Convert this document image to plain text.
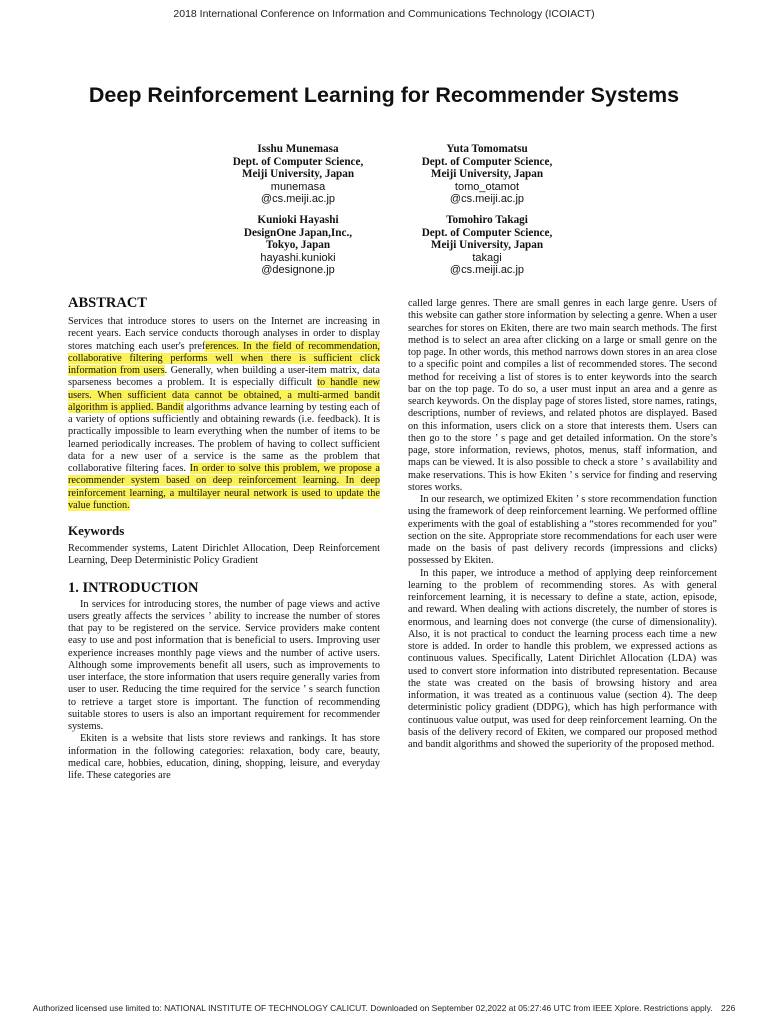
2018 International Conference on Information and Communications Technology (ICOIACT)
Deep Reinforcement Learning for Recommender Systems
Isshu Munemasa
Dept. of Computer Science,
Meiji University, Japan
munemasa
@cs.meiji.ac.jp
Yuta Tomomatsu
Dept. of Computer Science,
Meiji University, Japan
tomo_otamot
@cs.meiji.ac.jp
Kunioki Hayashi
DesignOne Japan,Inc.,
Tokyo, Japan
hayashi.kunioki
@designone.jp
Tomohiro Takagi
Dept. of Computer Science,
Meiji University, Japan
takagi
@cs.meiji.ac.jp
ABSTRACT

Services that introduce stores to users on the Internet are increasing in recent years. Each service conducts thorough analyses in order to display stores matching each user's preferences. In the field of recommendation, collaborative filtering performs well when there is sufficient click information from users. Generally, when building a user-item matrix, data sparseness becomes a problem. It is especially difficult to handle new users. When sufficient data cannot be obtained, a multi-armed bandit algorithm is applied. Bandit algorithms advance learning by testing each of a variety of options sufficiently and obtaining rewards (i.e. feedback). It is practically impossible to learn everything when the number of items to be learned periodically increases. The problem of having to collect sufficient data for a new user of a service is the same as the problem that collaborative filtering faces. In order to solve this problem, we propose a recommender system based on deep reinforcement learning. In deep reinforcement learning, a multilayer neural network is used to update the value function.

Keywords

Recommender systems, Latent Dirichlet Allocation, Deep Reinforcement Learning, Deep Deterministic Policy Gradient

1. INTRODUCTION

In services for introducing stores, the number of page views and active users greatly affects the services ’ ability to increase the number of stores that pay to be registered on the service. Service providers make content easy to use and post information that is beneficial to users. Improving user experience increases monthly page views and the number of active users. Although some improvements benefit all users, such as improvements to user interface, the store information that users require generally varies from user to user. Reducing the time required for the service ’ s search function to retrieve a target store is important. The function of recommending suitable stores to users is also an important requirement for recommender systems.

Ekiten is a website that lists store reviews and rankings. It has store information in the following categories: relaxation, body care, beauty, medical care, hobbies, education, dining, shopping, leisure, and everyday life. These categories are

called large genres. There are small genres in each large genre. Users of this website can gather store information by selecting a genre. When a user searches for stores on Ekiten, there are two main search methods. The first method is to select an area after clicking on a large or small genre on the top page. In other words, this method narrows down stores in an area close to a specific point and compiles a list of recommended stores. The second method for receiving a list of stores is to enter keywords into the search bar on the top page. To do so, a user must input an area and a genre as search keywords. On the display page of stores listed, store names, ratings, descriptions, number of reviews, and related photos are displayed. Based on this information, users click on a store that interests them. Users can then go to the store ’ s page and get detailed information. On the store’s page, store information, reviews, photos, menus, staff information, and maps can be viewed. It is also possible to check a store ’ s availability and make reservations. This is how Ekiten ’ s service for finding and reserving stores works.

In our research, we optimized Ekiten ’ s store recommendation function using the framework of deep reinforcement learning. We performed offline experiments with the goal of establishing a “stores recommended for you” section on the site. Appropriate store recommendations for each user were made on the basis of past delivery records (impressions and clicks) possessed by Ekiten.

In this paper, we introduce a method of applying deep reinforcement learning to the problem of recommending stores. As with general reinforcement learning, it is necessary to define a state, action, episode, and reward. When dealing with actions discretely, the number of stores is enormous, and learning does not converge (the curse of dimensionality). Also, it is not practical to conduct the learning process each time a new store is added. In order to handle this problem, we expressed actions as continuous values. Specifically, Latent Dirichlet Allocation (LDA) was used to convert store information into distributed representation. Because the state was created on the basis of browsing history and area information, it was treated as a continuous value (section 4). The deep deterministic policy gradient (DDPG), which has high performance with continuous value output, was used for deep reinforcement learning. On the basis of the delivery record of Ekiten, we compared our proposed method and bandit algorithms and showed the superiority of the proposed method.

Authorized licensed use limited to: NATIONAL INSTITUTE OF TECHNOLOGY CALICUT. Downloaded on September 02,2022 at 05:27:46 UTC from IEEE Xplore. Restrictions apply. 226
